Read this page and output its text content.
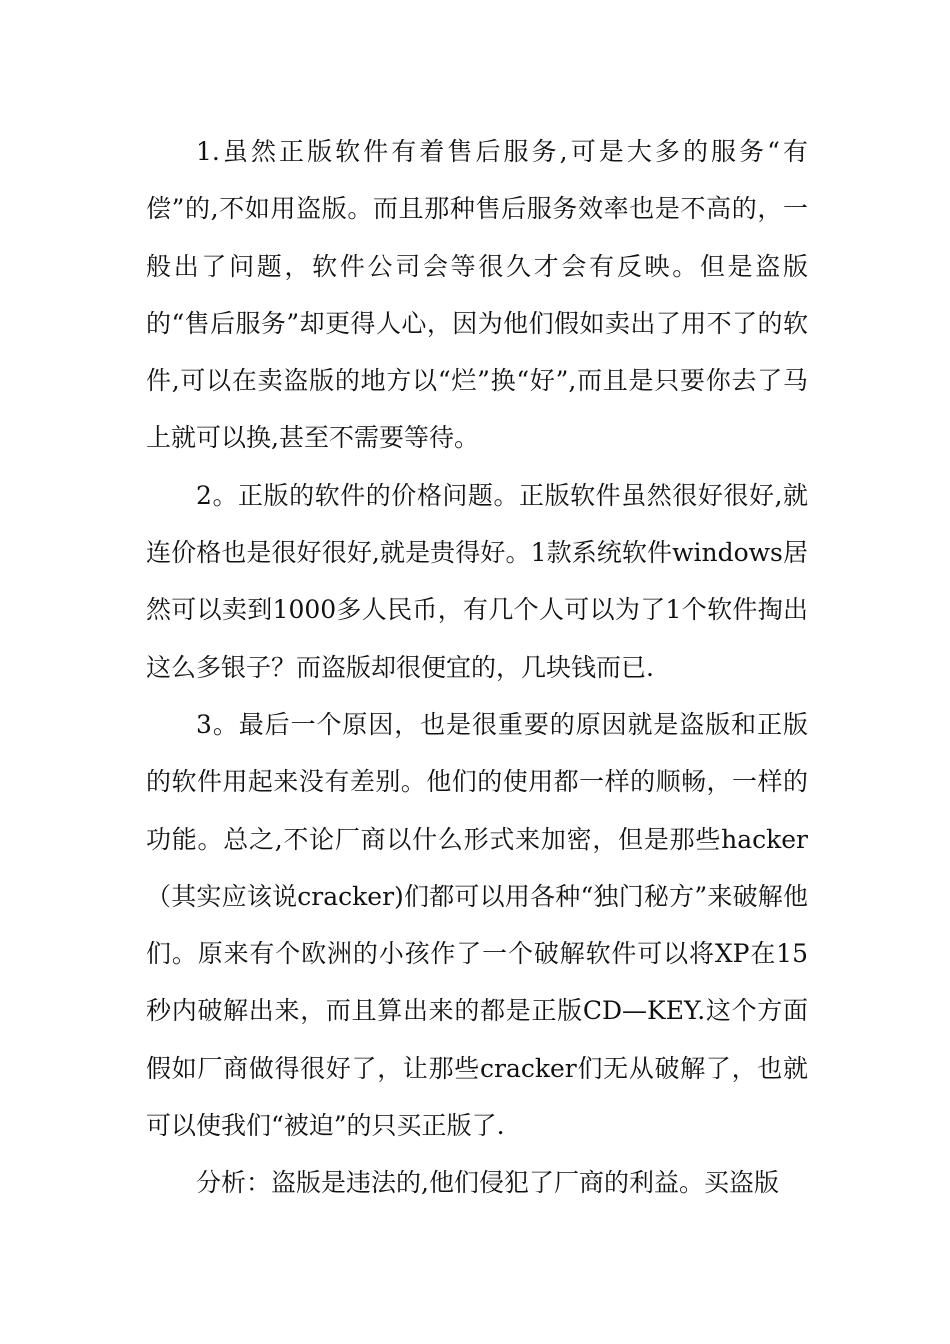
1.虽然正版软件有着售后服务,可是大多的服务“有偿”的,不如用盗版。而且那种售后服务效率也是不高的，一般出了问题，软件公司会等很久才会有反映。但是盗版的“售后服务”却更得人心，因为他们假如卖出了用不了的软件,可以在卖盗版的地方以“烂”换“好”,而且是只要你去了马上就可以换,甚至不需要等待。

2。正版的软件的价格问题。正版软件虽然很好很好,就连价格也是很好很好,就是贵得好。1款系统软件windows居然可以卖到1000多人民币，有几个人可以为了1个软件掏出这么多银子？而盗版却很便宜的，几块钱而已.

3。最后一个原因，也是很重要的原因就是盗版和正版的软件用起来没有差别。他们的使用都一样的顺畅，一样的功能。总之,不论厂商以什么形式来加密，但是那些hacker（其实应该说cracker)们都可以用各种“独门秘方”来破解他们。原来有个欧洲的小孩作了一个破解软件可以将XP在15秒内破解出来，而且算出来的都是正版CD—KEY.这个方面假如厂商做得很好了，让那些cracker们无从破解了，也就可以使我们“被迫”的只买正版了.

分析：盗版是违法的,他们侵犯了厂商的利益。买盗版
